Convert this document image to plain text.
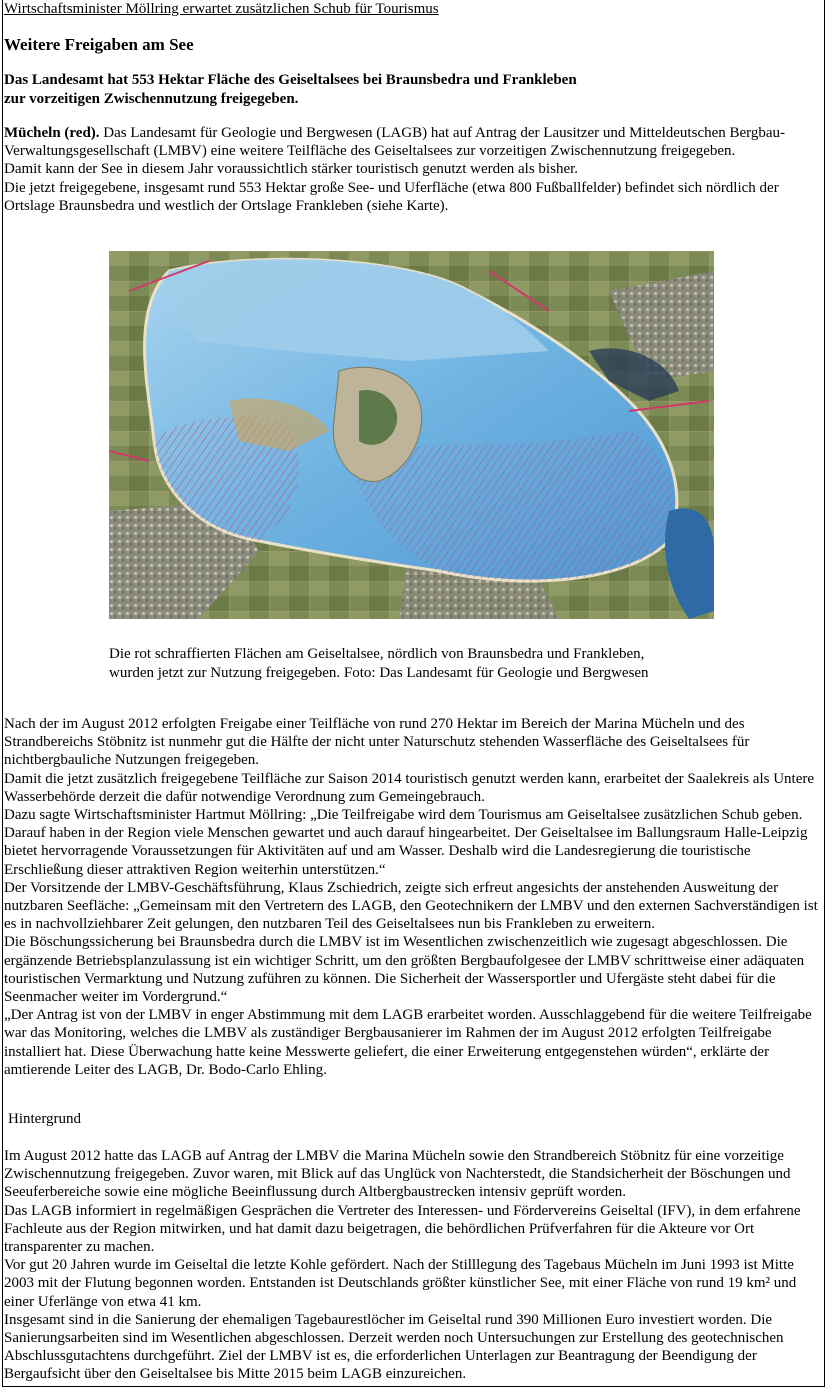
Wirtschaftsminister Möllring erwartet zusätzlichen Schub für Tourismus
Weitere Freigaben am See
Das Landesamt hat 553 Hektar Fläche des Geiseltalsees bei Braunsbedra und Frankleben
zur vorzeitigen Zwischennutzung freigegeben.

Mücheln (red). Das Landesamt für Geologie und Bergwesen (LAGB) hat auf Antrag der Lausitzer und Mitteldeutschen Bergbau-Verwaltungsgesellschaft (LMBV) eine weitere Teilfläche des Geiseltalsees zur vorzeitigen Zwischennutzung freigegeben.

Damit kann der See in diesem Jahr voraussichtlich stärker touristisch genutzt werden als bisher.

Die jetzt freigegebene, insgesamt rund 553 Hektar große See- und Uferfläche (etwa 800 Fußballfelder) befindet sich nördlich der Ortslage Braunsbedra und westlich der Ortslage Frankleben (siehe Karte).

Die rot schraffierten Flächen am Geiseltalsee, nördlich von Braunsbedra und Frankleben,
wurden jetzt zur Nutzung freigegeben. Foto: Das Landesamt für Geologie und Bergwesen

Nach der im August 2012 erfolgten Freigabe einer Teilfläche von rund 270 Hektar im Bereich der Marina Mücheln und des Strandbereichs Stöbnitz ist nunmehr gut die Hälfte der nicht unter Naturschutz stehenden Wasserfläche des Geiseltalsees für nichtbergbauliche Nutzungen freigegeben.

Damit die jetzt zusätzlich freigegebene Teilfläche zur Saison 2014 touristisch genutzt werden kann, erarbeitet der Saalekreis als Untere Wasserbehörde derzeit die dafür notwendige Verordnung zum Gemeingebrauch.

Dazu sagte Wirtschaftsminister Hartmut Möllring: „Die Teilfreigabe wird dem Tourismus am Geiseltalsee zusätzlichen Schub geben. Darauf haben in der Region viele Menschen gewartet und auch darauf hingearbeitet. Der Geiseltalsee im Ballungsraum Halle-Leipzig bietet hervorragende Voraussetzungen für Aktivitäten auf und am Wasser. Deshalb wird die Landesregierung die touristische Erschließung dieser attraktiven Region weiterhin unterstützen.“

Der Vorsitzende der LMBV-Geschäftsführung, Klaus Zschiedrich, zeigte sich erfreut angesichts der anstehenden Ausweitung der nutzbaren Seefläche: „Gemeinsam mit den Vertretern des LAGB, den Geotechnikern der LMBV und den externen Sachverständigen ist es in nachvollziehbarer Zeit gelungen, den nutzbaren Teil des Geiseltalsees nun bis Frankleben zu erweitern.

Die Böschungssicherung bei Braunsbedra durch die LMBV ist im Wesentlichen zwischenzeitlich wie zugesagt abgeschlossen. Die ergänzende Betriebsplanzulassung ist ein wichtiger Schritt, um den größten Bergbaufolgesee der LMBV schrittweise einer adäquaten touristischen Vermarktung und Nutzung zuführen zu können. Die Sicherheit der Wassersportler und Ufergäste steht dabei für die Seenmacher weiter im Vordergrund.“

„Der Antrag ist von der LMBV in enger Abstimmung mit dem LAGB erarbeitet worden. Ausschlaggebend für die weitere Teilfreigabe war das Monitoring, welches die LMBV als zuständiger Bergbausanierer im Rahmen der im August 2012 erfolgten Teilfreigabe installiert hat. Diese Überwachung hatte keine Messwerte geliefert, die einer Erweiterung entgegenstehen würden“, erklärte der amtierende Leiter des LAGB, Dr. Bodo-Carlo Ehling.

Hintergrund

Im August 2012 hatte das LAGB auf Antrag der LMBV die Marina Mücheln sowie den Strandbereich Stöbnitz für eine vorzeitige Zwischennutzung freigegeben. Zuvor waren, mit Blick auf das Unglück von Nachterstedt, die Standsicherheit der Böschungen und Seeuferbereiche sowie eine mögliche Beeinflussung durch Altbergbaustrecken intensiv geprüft worden.

Das LAGB informiert in regelmäßigen Gesprächen die Vertreter des Interessen- und Fördervereins Geiseltal (IFV), in dem erfahrene Fachleute aus der Region mitwirken, und hat damit dazu beigetragen, die behördlichen Prüfverfahren für die Akteure vor Ort transparenter zu machen.

Vor gut 20 Jahren wurde im Geiseltal die letzte Kohle gefördert. Nach der Stilllegung des Tagebaus Mücheln im Juni 1993 ist Mitte 2003 mit der Flutung begonnen worden. Entstanden ist Deutschlands größter künstlicher See, mit einer Fläche von rund 19 km² und einer Uferlänge von etwa 41 km.

Insgesamt sind in die Sanierung der ehemaligen Tagebaurestlöcher im Geiseltal rund 390 Millionen Euro investiert worden. Die Sanierungsarbeiten sind im Wesentlichen abgeschlossen. Derzeit werden noch Untersuchungen zur Erstellung des geotechnischen Abschlussgutachtens durchgeführt. Ziel der LMBV ist es, die erforderlichen Unterlagen zur Beantragung der Beendigung der Bergaufsicht über den Geiseltalsee bis Mitte 2015 beim LAGB einzureichen.
